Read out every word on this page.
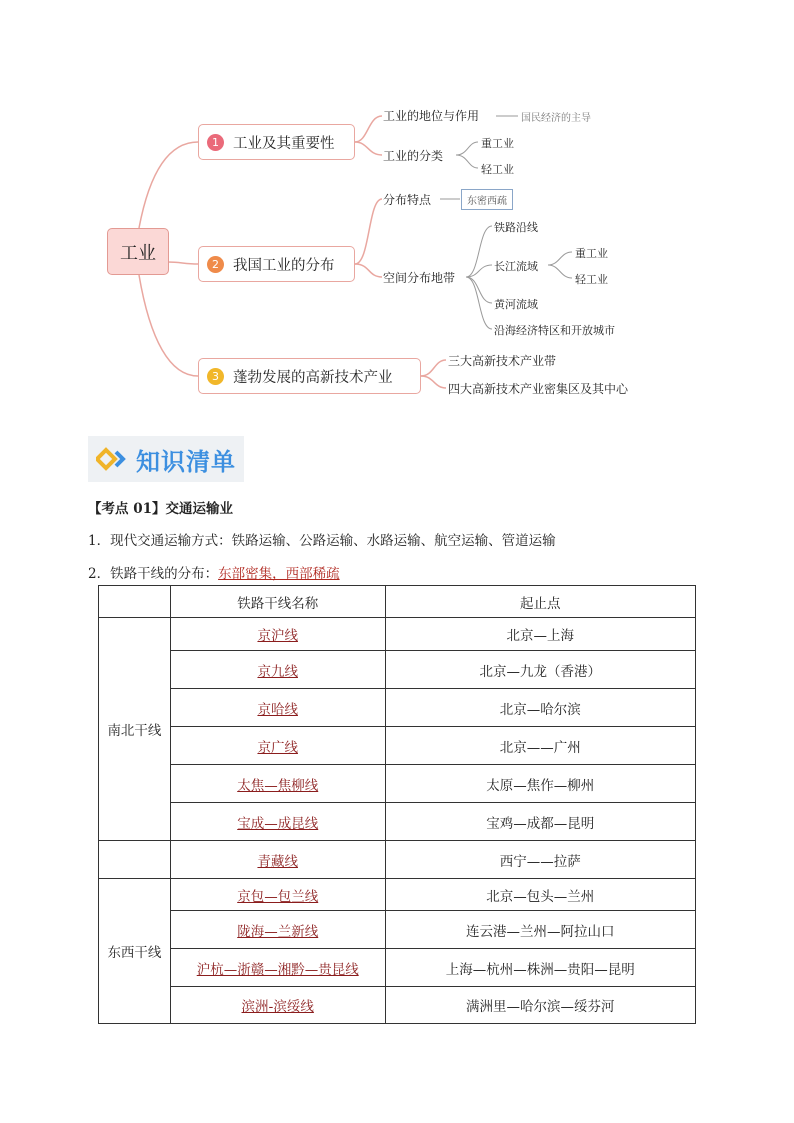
工业
1 工业及其重要性
工业的地位与作用	国民经济的主导
工业的分类
重工业
轻工业
2 我国工业的分布
分布特点	东密西疏
空间分布地带
铁路沿线
长江流域
重工业
轻工业
黄河流域
沿海经济特区和开放城市
3 蓬勃发展的高新技术产业
三大高新技术产业带
四大高新技术产业密集区及其中心
知识清单
【考点 01】交通运输业
1．现代交通运输方式：铁路运输、公路运输、水路运输、航空运输、管道运输
2．铁路干线的分布：东部密集，西部稀疏
	铁路干线名称	起止点
南北干线	京沪线	北京—上海
	京九线	北京—九龙（香港）
	京哈线	北京—哈尔滨
	京广线	北京——广州
	太焦—焦柳线	太原—焦作—柳州
	宝成—成昆线	宝鸡—成都—昆明
	青藏线	西宁——拉萨
东西干线	京包—包兰线	北京—包头—兰州
	陇海—兰新线	连云港—兰州—阿拉山口
	沪杭—浙赣—湘黔—贵昆线	上海—杭州—株洲—贵阳—昆明
	滨洲-滨绥线	满洲里—哈尔滨—绥芬河
